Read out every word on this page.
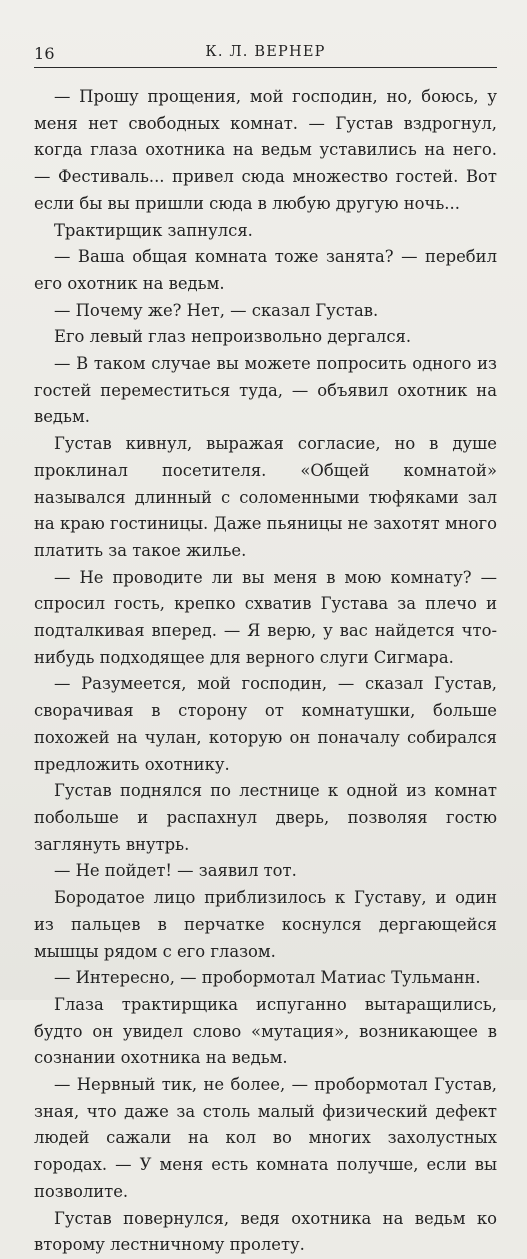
16	К. Л. ВЕРНЕР

— Прошу прощения, мой господин, но, боюсь, у меня нет свободных комнат. — Густав вздрогнул, когда глаза охотника на ведьм уставились на него. — Фестиваль... привел сюда множество гостей. Вот если бы вы пришли сюда в любую другую ночь...

Трактирщик запнулся.

— Ваша общая комната тоже занята? — перебил его охотник на ведьм.

— Почему же? Нет, — сказал Густав.

Его левый глаз непроизвольно дергался.

— В таком случае вы можете попросить одного из гостей переместиться туда, — объявил охотник на ведьм.

Густав кивнул, выражая согласие, но в душе проклинал посетителя. «Общей комнатой» назывался длинный с соломенными тюфяками зал на краю гостиницы. Даже пьяницы не захотят много платить за такое жилье.

— Не проводите ли вы меня в мою комнату? — спросил гость, крепко схватив Густава за плечо и подталкивая вперед. — Я верю, у вас найдется что-нибудь подходящее для верного слуги Сигмара.

— Разумеется, мой господин, — сказал Густав, сворачивая в сторону от комнатушки, больше похожей на чулан, которую он поначалу собирался предложить охотнику.

Густав поднялся по лестнице к одной из комнат побольше и распахнул дверь, позволяя гостю заглянуть внутрь.

— Не пойдет! — заявил тот.

Бородатое лицо приблизилось к Густаву, и один из пальцев в перчатке коснулся дергающейся мышцы рядом с его глазом.

— Интересно, — пробормотал Матиас Тульманн.

Глаза трактирщика испуганно вытаращились, будто он увидел слово «мутация», возникающее в сознании охотника на ведьм.

— Нервный тик, не более, — пробормотал Густав, зная, что даже за столь малый физический дефект людей сажали на кол во многих захолустных городах. — У меня есть комната получше, если вы позволите.

Густав повернулся, ведя охотника на ведьм ко второму лестничному пролету.
